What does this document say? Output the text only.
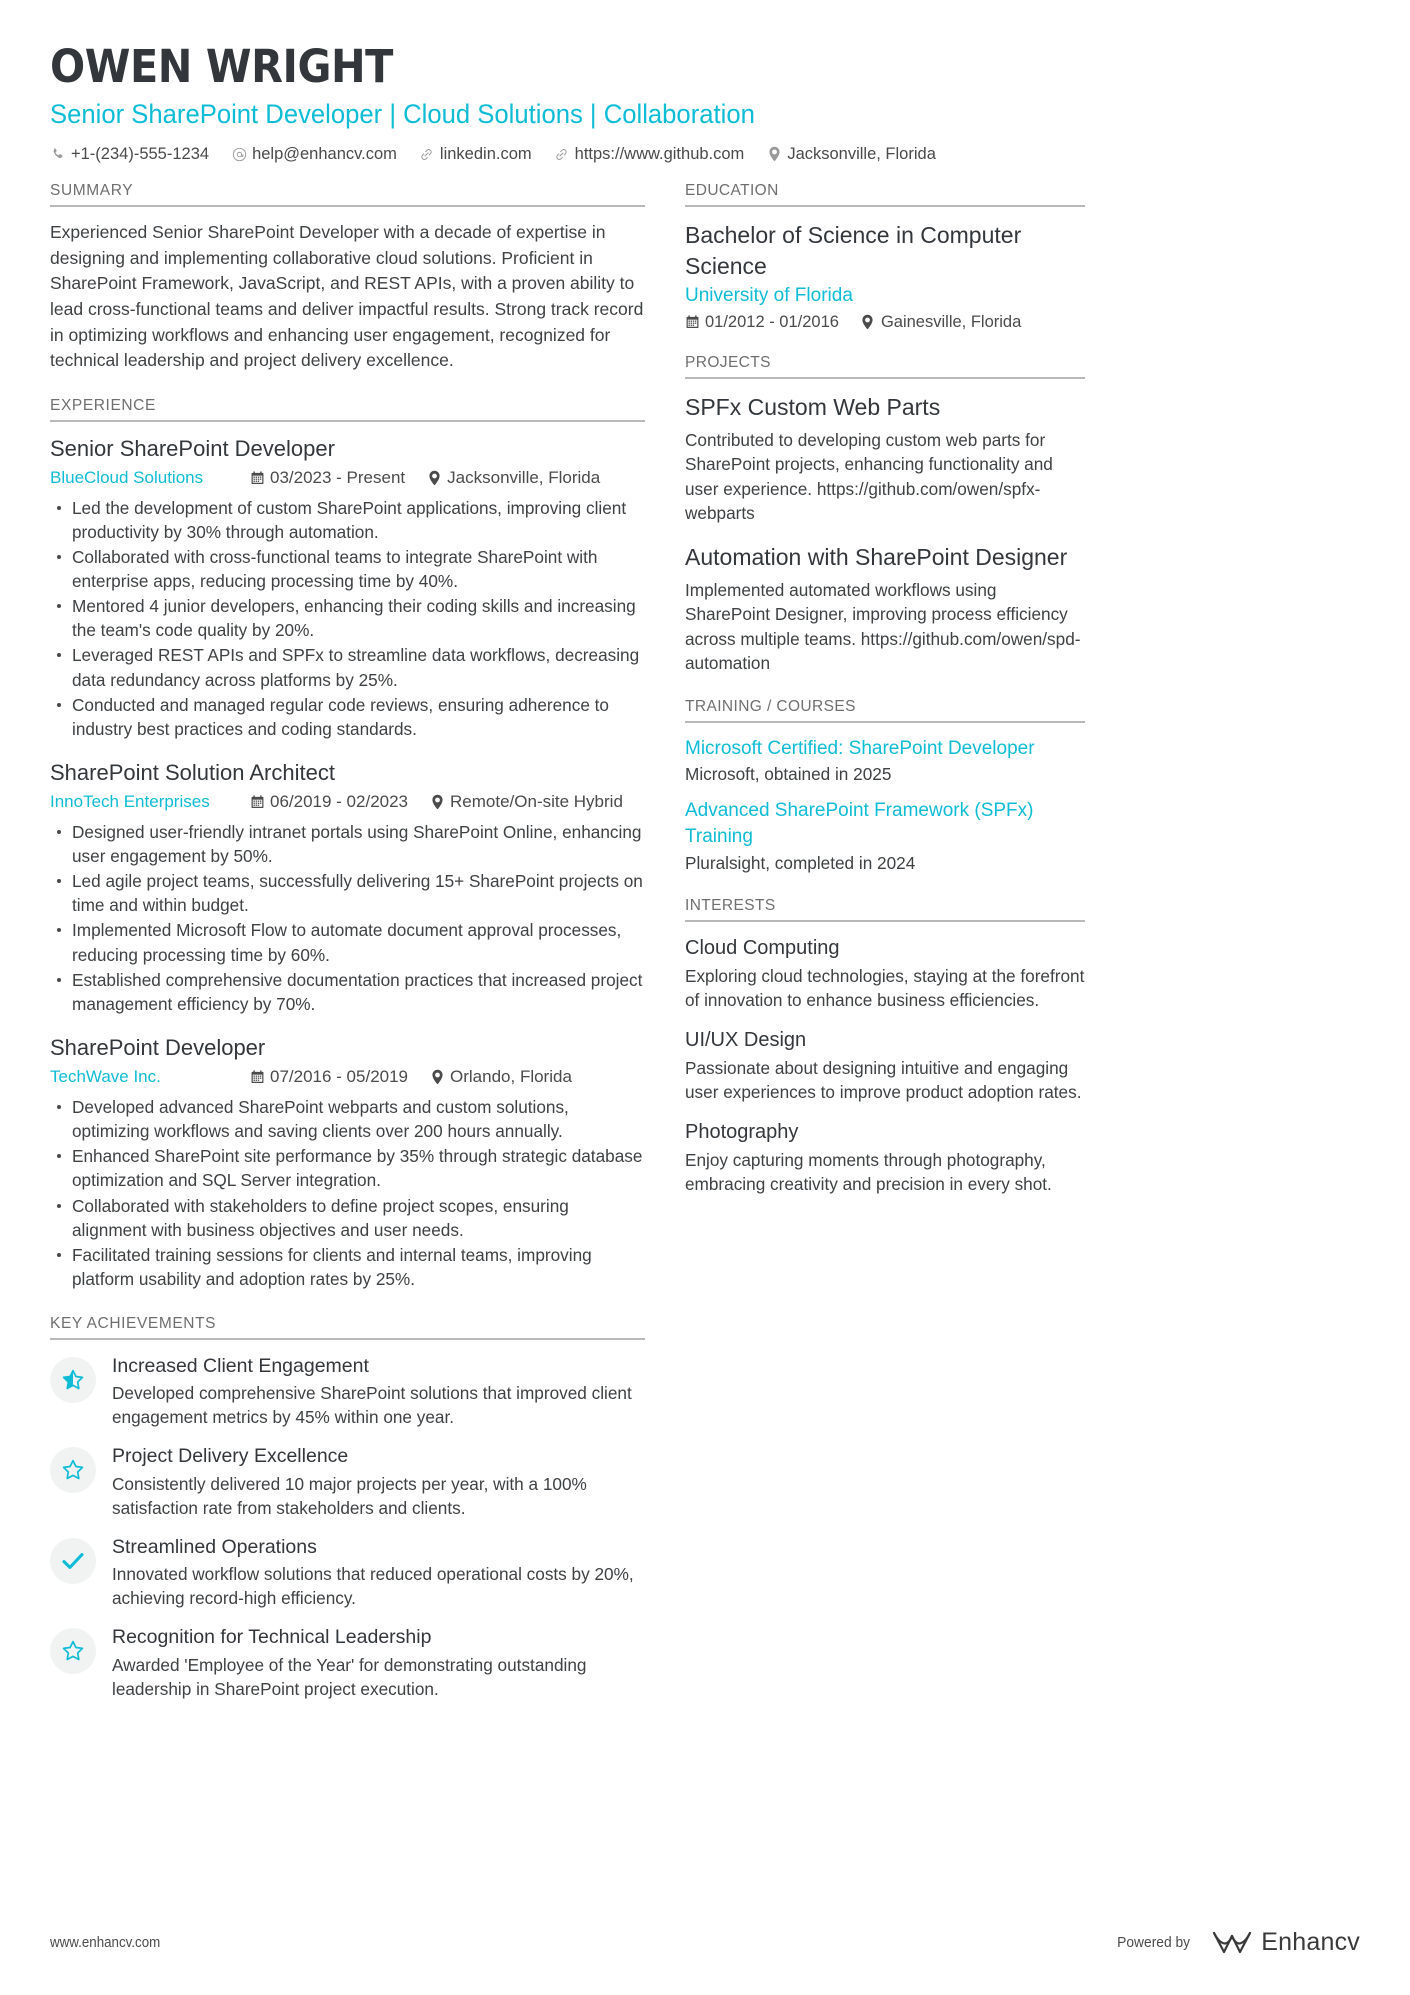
OWEN WRIGHT
Senior SharePoint Developer | Cloud Solutions | Collaboration
+1-(234)-555-1234	help@enhancv.com	linkedin.com	https://www.github.com	Jacksonville, Florida
SUMMARY
Experienced Senior SharePoint Developer with a decade of expertise in designing and implementing collaborative cloud solutions. Proficient in SharePoint Framework, JavaScript, and REST APIs, with a proven ability to lead cross-functional teams and deliver impactful results. Strong track record in optimizing workflows and enhancing user engagement, recognized for technical leadership and project delivery excellence.
EXPERIENCE
Senior SharePoint Developer
BlueCloud Solutions	03/2023 - Present Jacksonville, Florida
Led the development of custom SharePoint applications, improving client productivity by 30% through automation.
Collaborated with cross-functional teams to integrate SharePoint with enterprise apps, reducing processing time by 40%.
Mentored 4 junior developers, enhancing their coding skills and increasing the team's code quality by 20%.
Leveraged REST APIs and SPFx to streamline data workflows, decreasing data redundancy across platforms by 25%.
Conducted and managed regular code reviews, ensuring adherence to industry best practices and coding standards.
SharePoint Solution Architect
InnoTech Enterprises	06/2019 - 02/2023 Remote/On-site Hybrid
Designed user-friendly intranet portals using SharePoint Online, enhancing user engagement by 50%.
Led agile project teams, successfully delivering 15+ SharePoint projects on time and within budget.
Implemented Microsoft Flow to automate document approval processes, reducing processing time by 60%.
Established comprehensive documentation practices that increased project management efficiency by 70%.
SharePoint Developer
TechWave Inc.	07/2016 - 05/2019 Orlando, Florida
Developed advanced SharePoint webparts and custom solutions, optimizing workflows and saving clients over 200 hours annually.
Enhanced SharePoint site performance by 35% through strategic database optimization and SQL Server integration.
Collaborated with stakeholders to define project scopes, ensuring alignment with business objectives and user needs.
Facilitated training sessions for clients and internal teams, improving platform usability and adoption rates by 25%.
KEY ACHIEVEMENTS
Increased Client Engagement
Developed comprehensive SharePoint solutions that improved client engagement metrics by 45% within one year.
Project Delivery Excellence
Consistently delivered 10 major projects per year, with a 100% satisfaction rate from stakeholders and clients.
Streamlined Operations
Innovated workflow solutions that reduced operational costs by 20%, achieving record-high efficiency.
Recognition for Technical Leadership
Awarded 'Employee of the Year' for demonstrating outstanding leadership in SharePoint project execution.
EDUCATION
Bachelor of Science in Computer Science
University of Florida
01/2012 - 01/2016	Gainesville, Florida
PROJECTS
SPFx Custom Web Parts
Contributed to developing custom web parts for SharePoint projects, enhancing functionality and user experience. https://github.com/owen/spfx-webparts
Automation with SharePoint Designer
Implemented automated workflows using SharePoint Designer, improving process efficiency across multiple teams. https://github.com/owen/spd-automation
TRAINING / COURSES
Microsoft Certified: SharePoint Developer
Microsoft, obtained in 2025
Advanced SharePoint Framework (SPFx) Training
Pluralsight, completed in 2024
INTERESTS
Cloud Computing
Exploring cloud technologies, staying at the forefront of innovation to enhance business efficiencies.
UI/UX Design
Passionate about designing intuitive and engaging user experiences to improve product adoption rates.
Photography
Enjoy capturing moments through photography, embracing creativity and precision in every shot.
www.enhancv.com	Powered by	Enhancv
